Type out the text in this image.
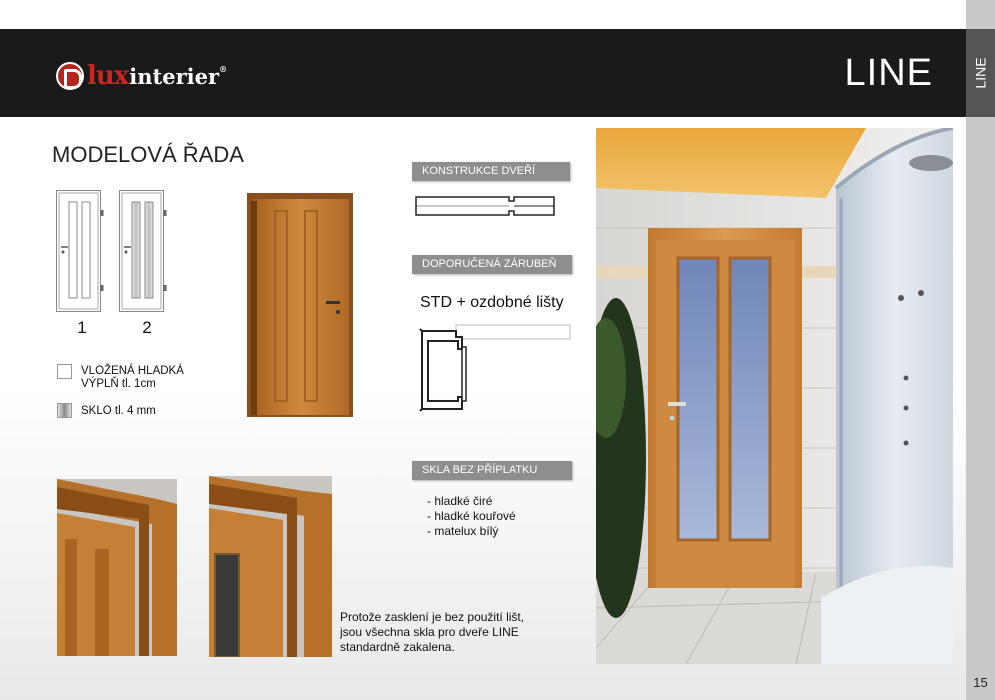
lux interier®	LINE	LINE
15
MODELOVÁ ŘADA
1	2
VLOŽENÁ HLADKÁ
VÝPLŇ tl. 1cm
SKLO tl. 4 mm
KONSTRUKCE DVEŘÍ
DOPORUČENÁ ZÁRUBEŇ
STD + ozdobné lišty
SKLA BEZ PŘÍPLATKU
- hladké čiré
- hladké kouřové
- matelux bílý
Protože zasklení je bez použití lišt,
jsou všechna skla pro dveře LINE
standardně zakalena.
